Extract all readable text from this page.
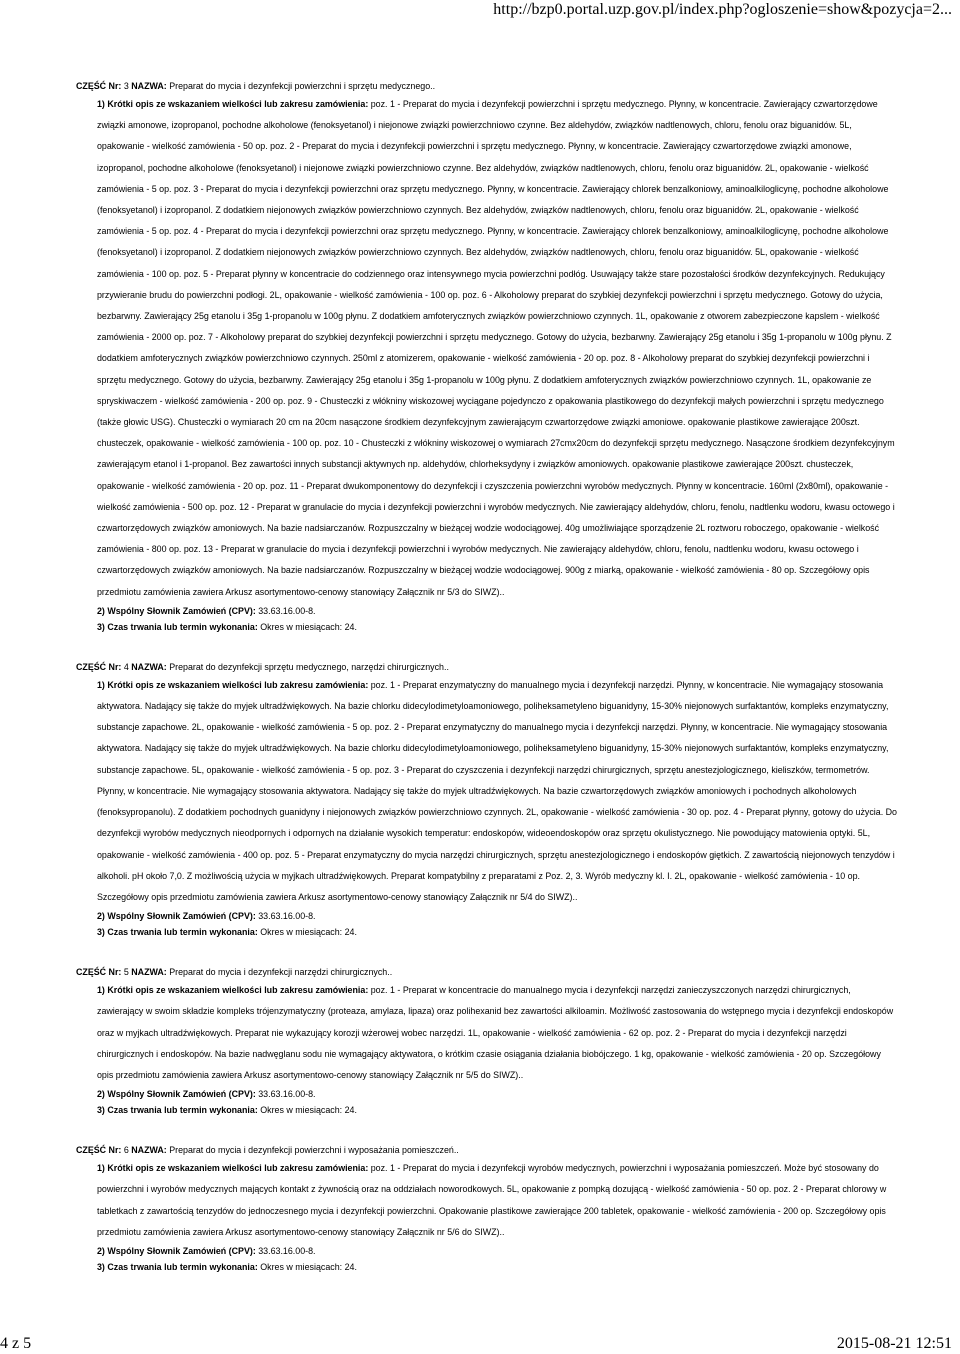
http://bzp0.portal.uzp.gov.pl/index.php?ogloszenie=show&pozycja=2...

CZĘŚĆ Nr: 3 NAZWA: Preparat do mycia i dezynfekcji powierzchni i sprzętu medycznego..

1) Krótki opis ze wskazaniem wielkości lub zakresu zamówienia: poz. 1 - Preparat do mycia i dezynfekcji powierzchni i sprzętu medycznego. Płynny, w koncentracie. Zawierający czwartorzędowe związki amonowe, izopropanol, pochodne alkoholowe (fenoksyetanol) i niejonowe związki powierzchniowo czynne. Bez aldehydów, związków nadtlenowych, chloru, fenolu oraz biguanidów. 5L, opakowanie - wielkość zamówienia - 50 op. poz. 2 - Preparat do mycia i dezynfekcji powierzchni i sprzętu medycznego. Płynny, w koncentracie. Zawierający czwartorzędowe związki amonowe, izopropanol, pochodne alkoholowe (fenoksyetanol) i niejonowe związki powierzchniowo czynne. Bez aldehydów, związków nadtlenowych, chloru, fenolu oraz biguanidów. 2L, opakowanie - wielkość zamówienia - 5 op. poz. 3 - Preparat do mycia i dezynfekcji powierzchni oraz sprzętu medycznego. Płynny, w koncentracie. Zawierający chlorek benzalkoniowy, aminoalkiloglicynę, pochodne alkoholowe (fenoksyetanol) i izopropanol. Z dodatkiem niejonowych związków powierzchniowo czynnych. Bez aldehydów, związków nadtlenowych, chloru, fenolu oraz biguanidów. 2L, opakowanie - wielkość zamówienia - 5 op. poz. 4 - Preparat do mycia i dezynfekcji powierzchni oraz sprzętu medycznego. Płynny, w koncentracie. Zawierający chlorek benzalkoniowy, aminoalkiloglicynę, pochodne alkoholowe (fenoksyetanol) i izopropanol. Z dodatkiem niejonowych związków powierzchniowo czynnych. Bez aldehydów, związków nadtlenowych, chloru, fenolu oraz biguanidów. 5L, opakowanie - wielkość zamówienia - 100 op. poz. 5 - Preparat płynny w koncentracie do codziennego oraz intensywnego mycia powierzchni podłóg. Usuwający także stare pozostałości środków dezynfekcyjnych. Redukujący przywieranie brudu do powierzchni podłogi. 2L, opakowanie - wielkość zamówienia - 100 op. poz. 6 - Alkoholowy preparat do szybkiej dezynfekcji powierzchni i sprzętu medycznego. Gotowy do użycia, bezbarwny. Zawierający 25g etanolu i 35g 1-propanolu w 100g płynu. Z dodatkiem amfoterycznych związków powierzchniowo czynnych. 1L, opakowanie z otworem zabezpieczone kapslem - wielkość zamówienia - 2000 op. poz. 7 - Alkoholowy preparat do szybkiej dezynfekcji powierzchni i sprzętu medycznego. Gotowy do użycia, bezbarwny. Zawierający 25g etanolu i 35g 1-propanolu w 100g płynu. Z dodatkiem amfoterycznych związków powierzchniowo czynnych. 250ml z atomizerem, opakowanie - wielkość zamówienia - 20 op. poz. 8 - Alkoholowy preparat do szybkiej dezynfekcji powierzchni i sprzętu medycznego. Gotowy do użycia, bezbarwny. Zawierający 25g etanolu i 35g 1-propanolu w 100g płynu. Z dodatkiem amfoterycznych związków powierzchniowo czynnych. 1L, opakowanie ze spryskiwaczem - wielkość zamówienia - 200 op. poz. 9 - Chusteczki z włókniny wiskozowej wyciągane pojedynczo z opakowania plastikowego do dezynfekcji małych powierzchni i sprzętu medycznego (także głowic USG). Chusteczki o wymiarach 20 cm na 20cm nasączone środkiem dezynfekcyjnym zawierającym czwartorzędowe związki amoniowe. opakowanie plastikowe zawierające 200szt. chusteczek, opakowanie - wielkość zamówienia - 100 op. poz. 10 - Chusteczki z włókniny wiskozowej o wymiarach 27cmx20cm do dezynfekcji sprzętu medycznego. Nasączone środkiem dezynfekcyjnym zawierającym etanol i 1-propanol. Bez zawartości innych substancji aktywnych np. aldehydów, chlorheksydyny i związków amoniowych. opakowanie plastikowe zawierające 200szt. chusteczek, opakowanie - wielkość zamówienia - 20 op. poz. 11 - Preparat dwukomponentowy do dezynfekcji i czyszczenia powierzchni wyrobów medycznych. Płynny w koncentracie. 160ml (2x80ml), opakowanie - wielkość zamówienia - 500 op. poz. 12 - Preparat w granulacie do mycia i dezynfekcji powierzchni i wyrobów medycznych. Nie zawierający aldehydów, chloru, fenolu, nadtlenku wodoru, kwasu octowego i czwartorzędowych związków amoniowych. Na bazie nadsiarczanów. Rozpuszczalny w bieżącej wodzie wodociągowej. 40g umożliwiające sporządzenie 2L roztworu roboczego, opakowanie - wielkość zamówienia - 800 op. poz. 13 - Preparat w granulacie do mycia i dezynfekcji powierzchni i wyrobów medycznych. Nie zawierający aldehydów, chloru, fenolu, nadtlenku wodoru, kwasu octowego i czwartorzędowych związków amoniowych. Na bazie nadsiarczanów. Rozpuszczalny w bieżącej wodzie wodociągowej. 900g z miarką, opakowanie - wielkość zamówienia - 80 op. Szczegółowy opis przedmiotu zamówienia zawiera Arkusz asortymentowo-cenowy stanowiący Załącznik nr 5/3 do SIWZ)..
2) Wspólny Słownik Zamówień (CPV): 33.63.16.00-8.
3) Czas trwania lub termin wykonania: Okres w miesiącach: 24.

CZĘŚĆ Nr: 4 NAZWA: Preparat do dezynfekcji sprzętu medycznego, narzędzi chirurgicznych..

1) Krótki opis ze wskazaniem wielkości lub zakresu zamówienia: poz. 1 - Preparat enzymatyczny do manualnego mycia i dezynfekcji narzędzi. Płynny, w koncentracie. Nie wymagający stosowania aktywatora. Nadający się także do myjek ultradźwiękowych. Na bazie chlorku didecylodimetyloamoniowego, poliheksametyleno biguanidyny, 15-30% niejonowych surfaktantów, kompleks enzymatyczny, substancje zapachowe. 2L, opakowanie - wielkość zamówienia - 5 op. poz. 2 - Preparat enzymatyczny do manualnego mycia i dezynfekcji narzędzi. Płynny, w koncentracie. Nie wymagający stosowania aktywatora. Nadający się także do myjek ultradźwiękowych. Na bazie chlorku didecylodimetyloamoniowego, poliheksametyleno biguanidyny, 15-30% niejonowych surfaktantów, kompleks enzymatyczny, substancje zapachowe. 5L, opakowanie - wielkość zamówienia - 5 op. poz. 3 - Preparat do czyszczenia i dezynfekcji narzędzi chirurgicznych, sprzętu anestezjologicznego, kieliszków, termometrów. Płynny, w koncentracie. Nie wymagający stosowania aktywatora. Nadający się także do myjek ultradźwiękowych. Na bazie czwartorzędowych związków amoniowych i pochodnych alkoholowych (fenoksypropanolu). Z dodatkiem pochodnych guanidyny i niejonowych związków powierzchniowo czynnych. 2L, opakowanie - wielkość zamówienia - 30 op. poz. 4 - Preparat płynny, gotowy do użycia. Do dezynfekcji wyrobów medycznych nieodpornych i odpornych na działanie wysokich temperatur: endoskopów, wideoendoskopów oraz sprzętu okulistycznego. Nie powodujący matowienia optyki. 5L, opakowanie - wielkość zamówienia - 400 op. poz. 5 - Preparat enzymatyczny do mycia narzędzi chirurgicznych, sprzętu anestezjologicznego i endoskopów giętkich. Z zawartością niejonowych tenzydów i alkoholi. pH około 7,0. Z możliwością użycia w myjkach ultradźwiękowych. Preparat kompatybilny z preparatami z Poz. 2, 3. Wyrób medyczny kl. I. 2L, opakowanie - wielkość zamówienia - 10 op. Szczegółowy opis przedmiotu zamówienia zawiera Arkusz asortymentowo-cenowy stanowiący Załącznik nr 5/4 do SIWZ)..
2) Wspólny Słownik Zamówień (CPV): 33.63.16.00-8.
3) Czas trwania lub termin wykonania: Okres w miesiącach: 24.

CZĘŚĆ Nr: 5 NAZWA: Preparat do mycia i dezynfekcji narzędzi chirurgicznych..

1) Krótki opis ze wskazaniem wielkości lub zakresu zamówienia: poz. 1 - Preparat w koncentracie do manualnego mycia i dezynfekcji narzędzi zanieczyszczonych narzędzi chirurgicznych, zawierający w swoim składzie kompleks trójenzymatyczny (proteaza, amylaza, lipaza) oraz polihexanid bez zawartości alkiloamin. Możliwość zastosowania do wstępnego mycia i dezynfekcji endoskopów oraz w myjkach ultradźwiękowych. Preparat nie wykazujący korozji wżerowej wobec narzędzi. 1L, opakowanie - wielkość zamówienia - 62 op. poz. 2 - Preparat do mycia i dezynfekcji narzędzi chirurgicznych i endoskopów. Na bazie nadwęglanu sodu nie wymagający aktywatora, o krótkim czasie osiągania działania biobójczego. 1 kg, opakowanie - wielkość zamówienia - 20 op. Szczegółowy opis przedmiotu zamówienia zawiera Arkusz asortymentowo-cenowy stanowiący Załącznik nr 5/5 do SIWZ)..
2) Wspólny Słownik Zamówień (CPV): 33.63.16.00-8.
3) Czas trwania lub termin wykonania: Okres w miesiącach: 24.

CZĘŚĆ Nr: 6 NAZWA: Preparat do mycia i dezynfekcji powierzchni i wyposażania pomieszczeń..

1) Krótki opis ze wskazaniem wielkości lub zakresu zamówienia: poz. 1 - Preparat do mycia i dezynfekcji wyrobów medycznych, powierzchni i wyposażania pomieszczeń. Może być stosowany do powierzchni i wyrobów medycznych mających kontakt z żywnością oraz na oddziałach noworodkowych. 5L, opakowanie z pompką dozującą - wielkość zamówienia - 50 op. poz. 2 - Preparat chlorowy w tabletkach z zawartością tenzydów do jednoczesnego mycia i dezynfekcji powierzchni. Opakowanie plastikowe zawierające 200 tabletek, opakowanie - wielkość zamówienia - 200 op. Szczegółowy opis przedmiotu zamówienia zawiera Arkusz asortymentowo-cenowy stanowiący Załącznik nr 5/6 do SIWZ)..
2) Wspólny Słownik Zamówień (CPV): 33.63.16.00-8.
3) Czas trwania lub termin wykonania: Okres w miesiącach: 24.
4 z 5	2015-08-21 12:51
